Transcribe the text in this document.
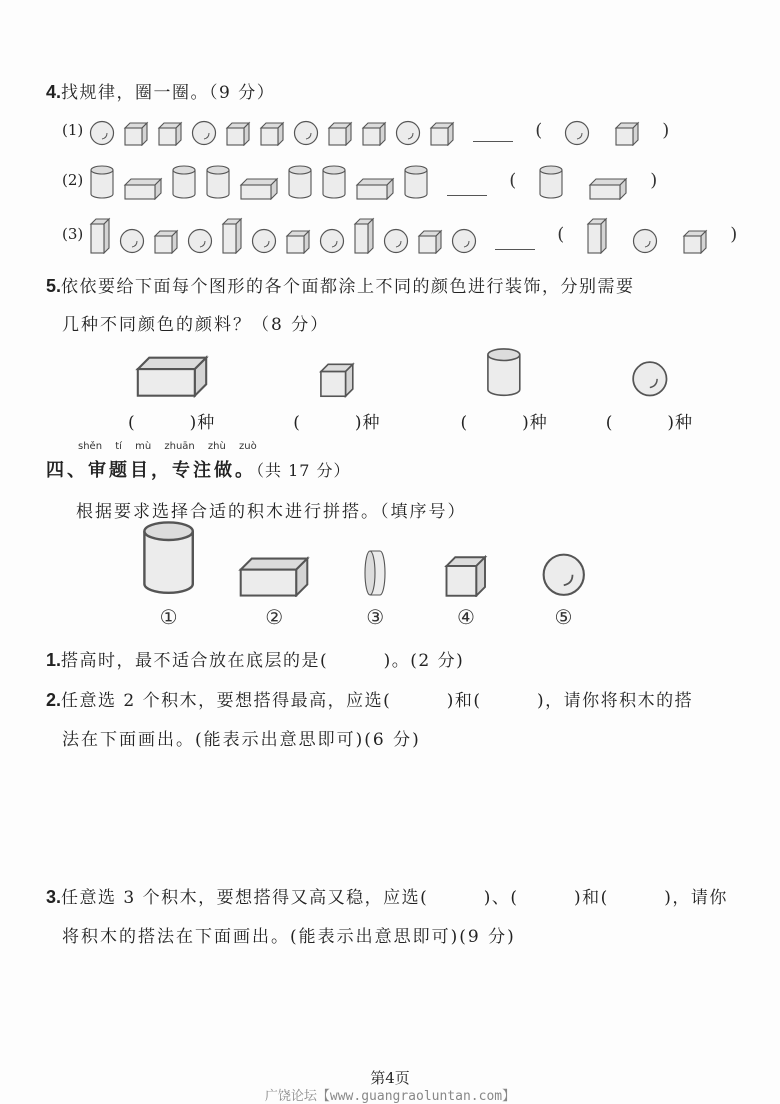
4.找规律，圈一圈。（9 分）
(1)	(	)
(2)	(	)
(3)	(	)
5.依依要给下面每个图形的各个面都涂上不同的颜色进行装饰，分别需要
几种不同颜色的颜料？（8 分）
(　　　)种	(　　　)种	(　　　)种	(　　　)种
shěn tí mù zhuān zhù zuò
四、审题目，专注做。（共 17 分）
根据要求选择合适的积木进行拼搭。（填序号）
①	②	③	④	⑤
1.搭高时，最不适合放在底层的是(　　　)。(2 分)
2.任意选 2 个积木，要想搭得最高，应选(　　　)和(　　　)，请你将积木的搭
法在下面画出。(能表示出意思即可)(6 分)
3.任意选 3 个积木，要想搭得又高又稳，应选(　　　)、(　　　)和(　　　)，请你
将积木的搭法在下面画出。(能表示出意思即可)(9 分)
第4页
广饶论坛【www.guangraoluntan.com】
